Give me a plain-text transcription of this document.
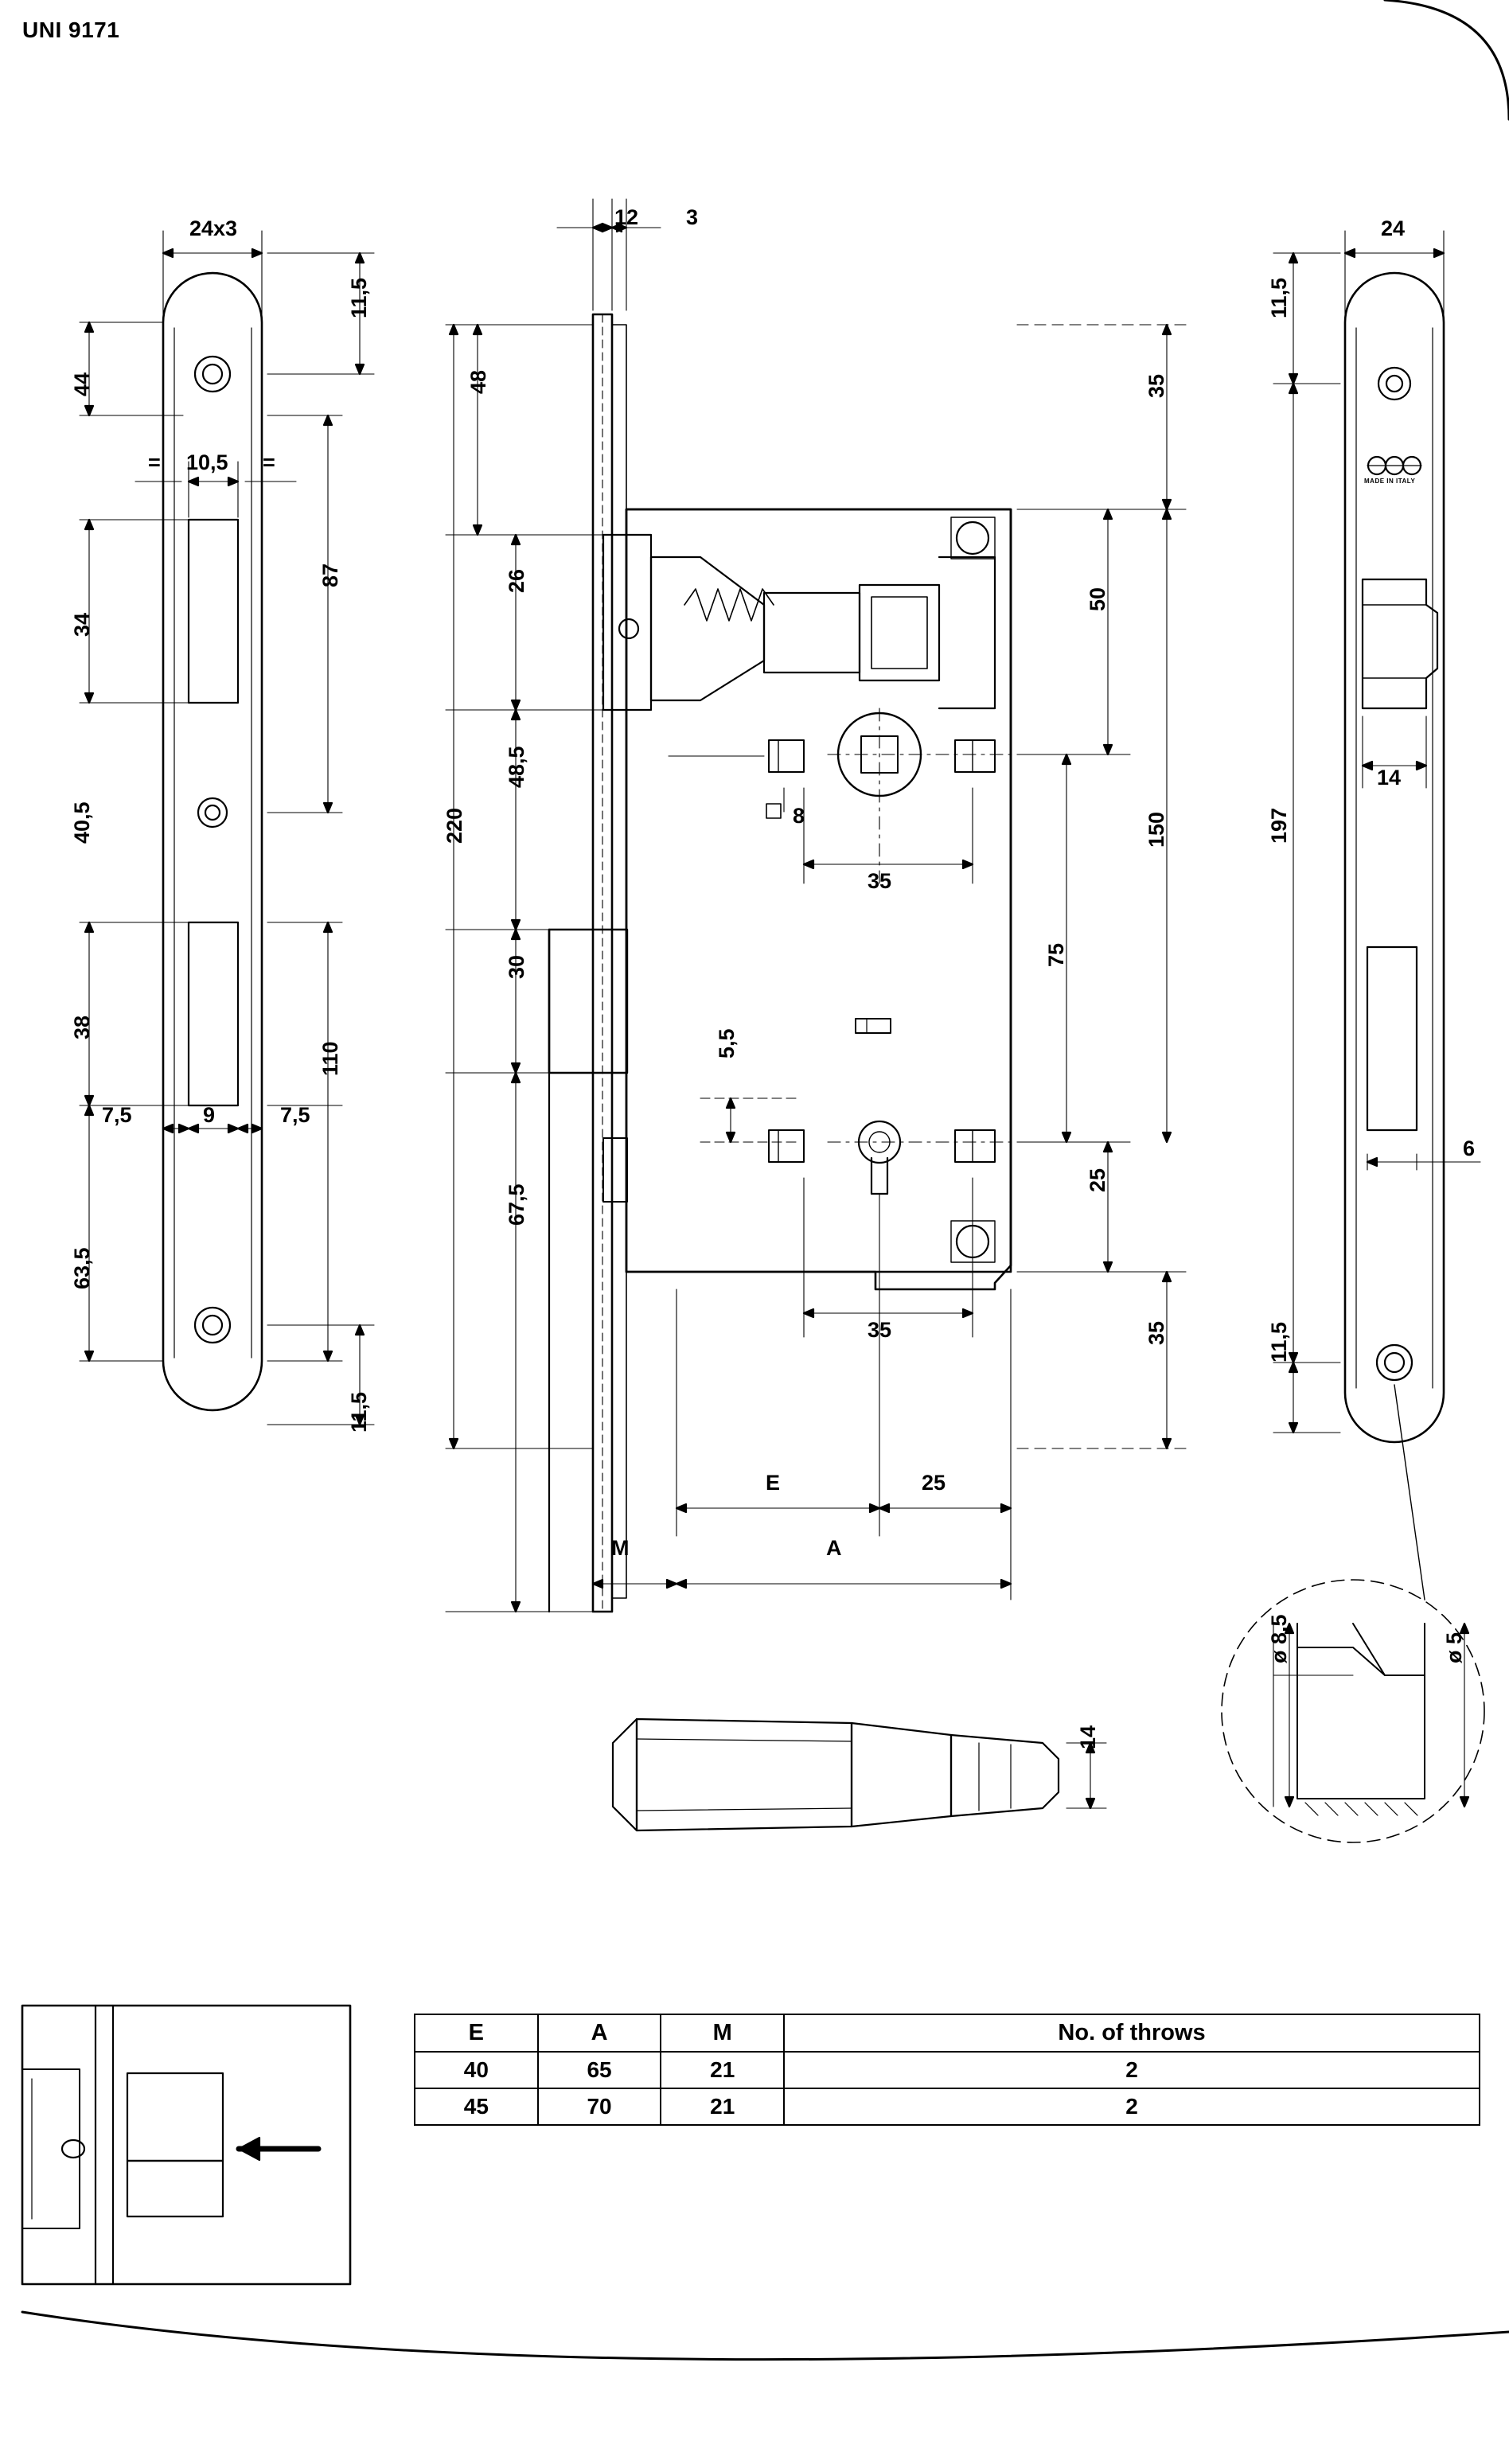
UNI 9171
24x3
11,5
44
34
40,5
38
63,5
10,5
=	=
87
110
7,5	9	7,5
11,5
12 3
48
26
48,5
220
30
67,5
5,5
8
35
35
35
50
150
75
25
35
E	25
M	A
24
11,5
14
197
6
11,5
MADE IN ITALY
14
ø 8,5	ø 5
E	A	M	No. of throws
40	65	21	2
45	70	21	2
